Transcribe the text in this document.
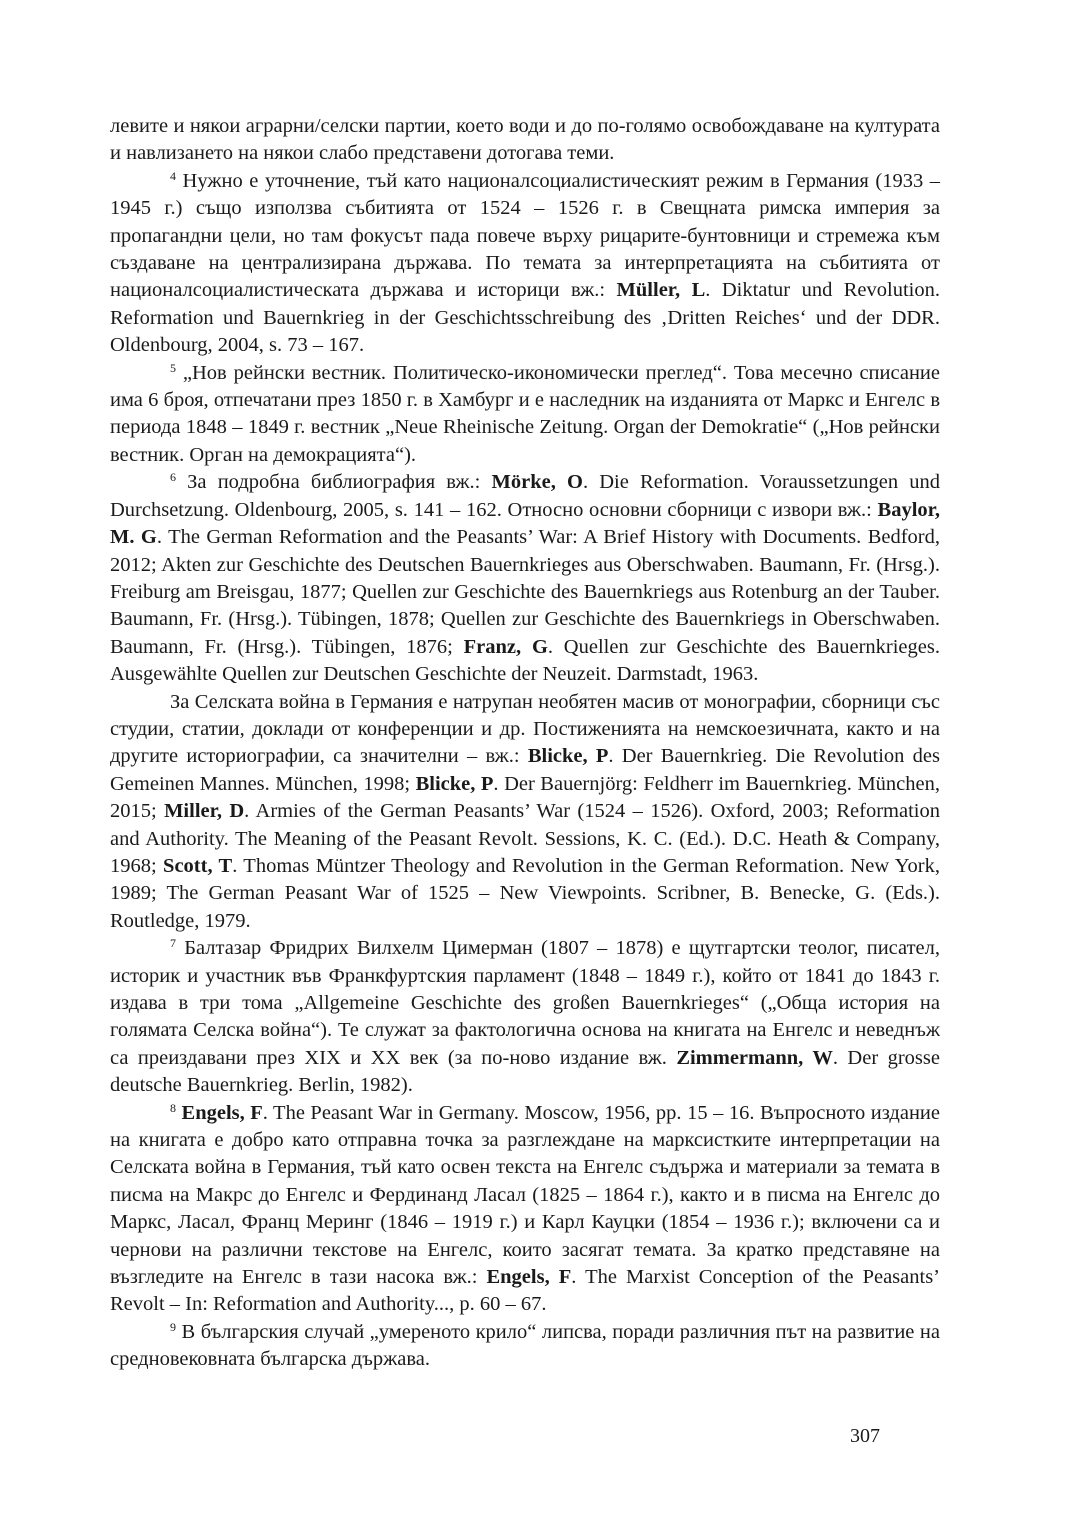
левите и някои аграрни/селски партии, което води и до по-голямо освобождаване на културата и навлизането на някои слабо представени дотогава теми.

$^4$ Нужно е уточнение, тъй като националсоциалистическият режим в Германия (1933 – 1945 г.) също използва събитията от 1524 – 1526 г. в Свещната римска империя за пропагандни цели, но там фокусът пада повече върху рицарите-бунтовници и стремежа към създаване на централизирана държава. По темата за интерпретацията на събитията от националсоциалистическата държава и историци вж.: Müller, L. Diktatur und Revolution. Reformation und Bauernkrieg in der Geschichtsschreibung des ‚Dritten Reiches‘ und der DDR. Oldenbourg, 2004, s. 73 – 167.

$^5$ „Нов рейнски вестник. Политическо-икономически преглед“. Това месечно списание има 6 броя, отпечатани през 1850 г. в Хамбург и е наследник на изданията от Маркс и Енгелс в периода 1848 – 1849 г. вестник „Neue Rheinische Zeitung. Organ der Demokratie“ („Нов рейнски вестник. Орган на демокрацията“).

$^6$ За подробна библиография вж.: Mörke, O. Die Reformation. Voraussetzungen und Durchsetzung. Oldenbourg, 2005, s. 141 – 162. Относно основни сборници с извори вж.: Baylor, M. G. The German Reformation and the Peasants’ War: A Brief History with Documents. Bedford, 2012; Akten zur Geschichte des Deutschen Bauernkrieges aus Oberschwaben. Baumann, Fr. (Hrsg.). Freiburg am Breisgau, 1877; Quellen zur Geschichte des Bauernkriegs aus Rotenburg an der Tauber. Baumann, Fr. (Hrsg.). Tübingen, 1878; Quellen zur Geschichte des Bauernkriegs in Oberschwaben. Baumann, Fr. (Hrsg.). Tübingen, 1876; Franz, G. Quellen zur Geschichte des Bauernkrieges. Ausgewählte Quellen zur Deutschen Geschichte der Neuzeit. Darmstadt, 1963.

За Селската война в Германия е натрупан необятен масив от монографии, сборници със студии, статии, доклади от конференции и др. Постиженията на немскоезичната, както и на другите историографии, са значителни – вж.: Blicke, P. Der Bauernkrieg. Die Revolution des Gemeinen Mannes. München, 1998; Blicke, P. Der Bauernjörg: Feldherr im Bauernkrieg. München, 2015; Miller, D. Armies of the German Peasants’ War (1524 – 1526). Oxford, 2003; Reformation and Authority. The Meaning of the Peasant Revolt. Sessions, K. C. (Ed.). D.C. Heath & Company, 1968; Scott, T. Thomas Müntzer Theology and Revolution in the German Reformation. New York, 1989; The German Peasant War of 1525 – New Viewpoints. Scribner, B. Benecke, G. (Eds.). Routledge, 1979.

$^7$ Балтазар Фридрих Вилхелм Цимерман (1807 – 1878) е щутгартски теолог, писател, историк и участник във Франкфуртския парламент (1848 – 1849 г.), който от 1841 до 1843 г. издава в три тома „Allgemeine Geschichte des großen Bauernkrieges“ („Обща история на голямата Селска война“). Те служат за фактологична основа на книгата на Енгелс и неведнъж са преиздавани през XIX и XX век (за по-ново издание вж. Zimmermann, W. Der grosse deutsche Bauernkrieg. Berlin, 1982).

$^8$ Engels, F. The Peasant War in Germany. Moscow, 1956, pp. 15 – 16. Въпросното издание на книгата е добро като отправна точка за разглеждане на марксистките интерпретации на Селската война в Германия, тъй като освен текста на Енгелс съдържа и материали за темата в писма на Макрс до Енгелс и Фердинанд Ласал (1825 – 1864 г.), както и в писма на Енгелс до Маркс, Ласал, Франц Меринг (1846 – 1919 г.) и Карл Кауцки (1854 – 1936 г.); включени са и чернови на различни текстове на Енгелс, които засягат темата. За кратко представяне на възгледите на Енгелс в тази насока вж.: Engels, F. The Marxist Conception of the Peasants’ Revolt – In: Reformation and Authority..., p. 60 – 67.

$^9$ В българския случай „умереното крило“ липсва, поради различния път на развитие на средновековната българска държава.

307
